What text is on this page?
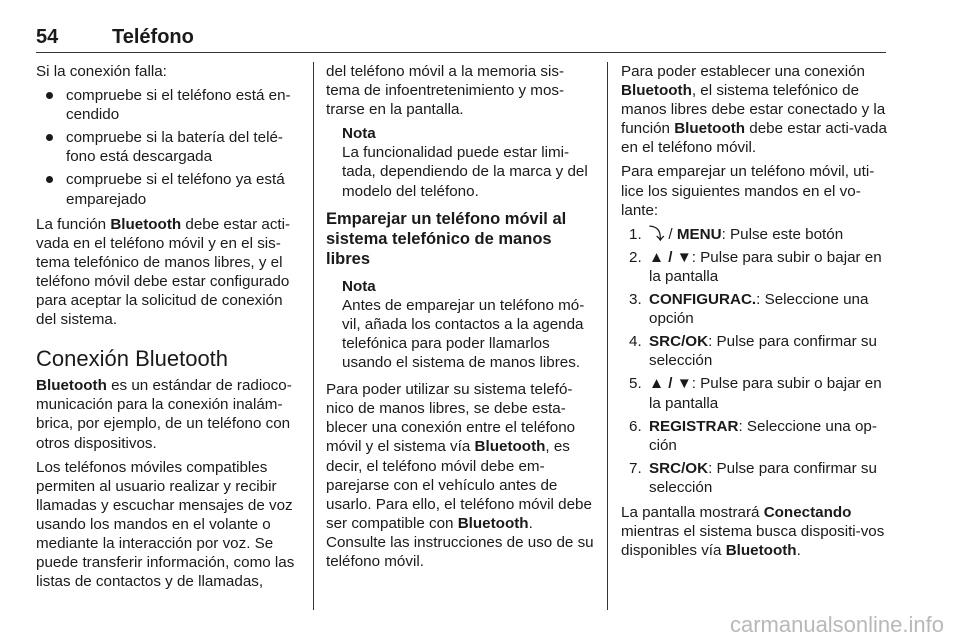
54	Teléfono

Si la conexión falla:

compruebe si el teléfono está en-cendido
compruebe si la batería del telé-fono está descargada
compruebe si el teléfono ya está emparejado

La función Bluetooth debe estar acti-vada en el teléfono móvil y en el sis-tema telefónico de manos libres, y el teléfono móvil debe estar configurado para aceptar la solicitud de conexión del sistema.

Conexión Bluetooth

Bluetooth es un estándar de radioco-municación para la conexión inalám-brica, por ejemplo, de un teléfono con otros dispositivos.

Los teléfonos móviles compatibles permiten al usuario realizar y recibir llamadas y escuchar mensajes de voz usando los mandos en el volante o mediante la interacción por voz. Se puede transferir información, como las listas de contactos y de llamadas,

del teléfono móvil a la memoria sis-tema de infoentretenimiento y mos-trarse en la pantalla.

Nota
La funcionalidad puede estar limi-tada, dependiendo de la marca y del modelo del teléfono.
Emparejar un teléfono móvil al sistema telefónico de manos libres
Nota
Antes de emparejar un teléfono mó-vil, añada los contactos a la agenda telefónica para poder llamarlos usando el sistema de manos libres.

Para poder utilizar su sistema telefó-nico de manos libres, se debe esta-blecer una conexión entre el teléfono móvil y el sistema vía Bluetooth, es decir, el teléfono móvil debe em-parejarse con el vehículo antes de usarlo. Para ello, el teléfono móvil debe ser compatible con Bluetooth. Consulte las instrucciones de uso de su teléfono móvil.

Para poder establecer una conexión Bluetooth, el sistema telefónico de manos libres debe estar conectado y la función Bluetooth debe estar acti-vada en el teléfono móvil.

Para emparejar un teléfono móvil, uti-lice los siguientes mandos en el vo-lante:

1. ⤵ / MENU: Pulse este botón
2. ▲ / ▼: Pulse para subir o bajar en la pantalla
3. CONFIGURAC.: Seleccione una opción
4. SRC/OK: Pulse para confirmar su selección
5. ▲ / ▼: Pulse para subir o bajar en la pantalla
6. REGISTRAR: Seleccione una op-ción
7. SRC/OK: Pulse para confirmar su selección

La pantalla mostrará Conectando mientras el sistema busca dispositi-vos disponibles vía Bluetooth.

carmanualsonline.info
